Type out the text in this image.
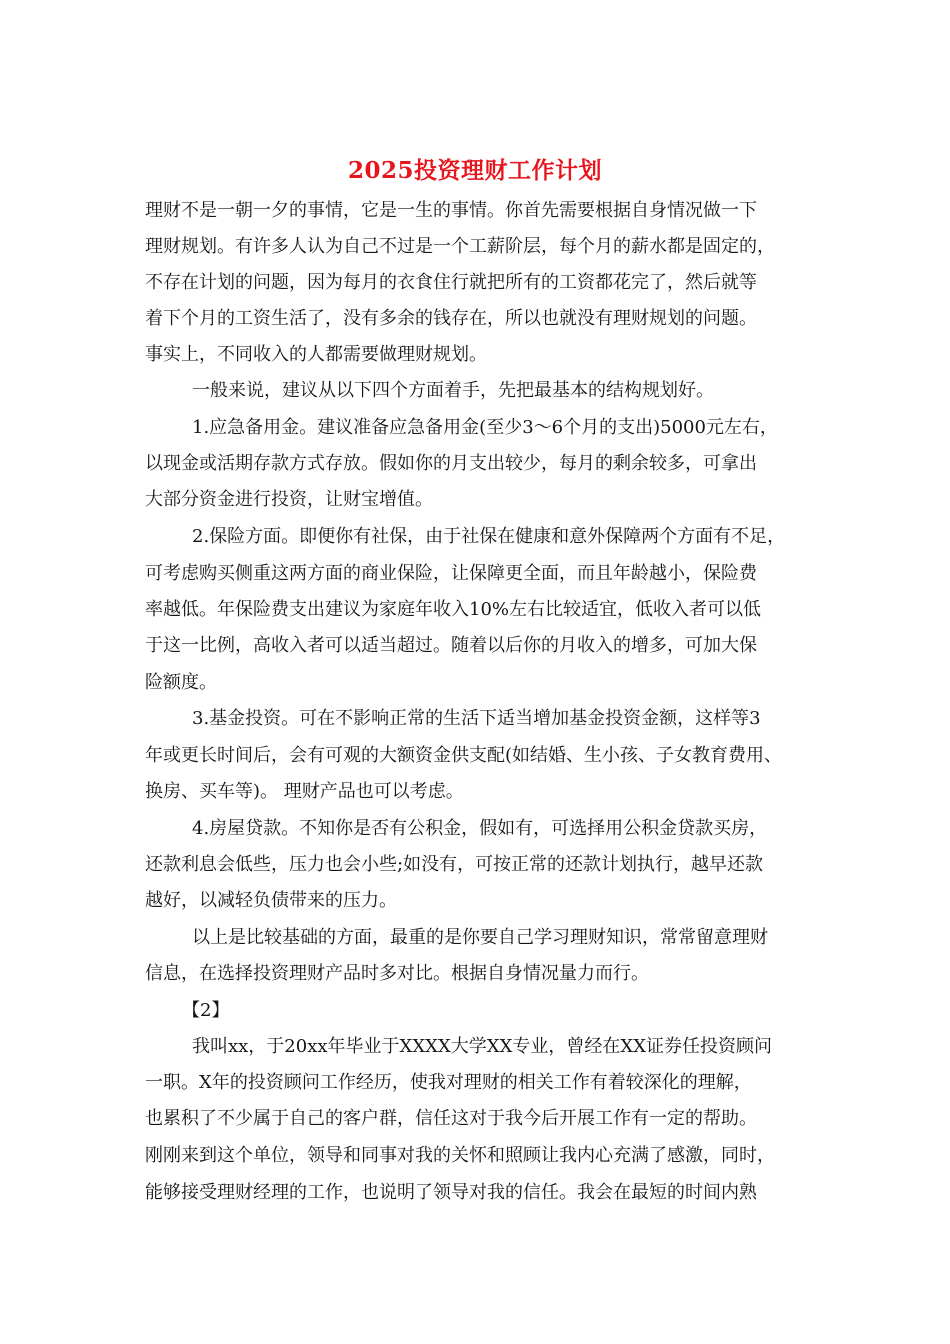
2025投资理财工作计划
理财不是一朝一夕的事情，它是一生的事情。你首先需要根据自身情况做一下
理财规划。有许多人认为自己不过是一个工薪阶层，每个月的薪水都是固定的，
不存在计划的问题，因为每月的衣食住行就把所有的工资都花完了，然后就等
着下个月的工资生活了，没有多余的钱存在，所以也就没有理财规划的问题。
事实上，不同收入的人都需要做理财规划。
一般来说，建议从以下四个方面着手，先把最基本的结构规划好。
1.应急备用金。建议准备应急备用金(至少3～6个月的支出)5000元左右，
以现金或活期存款方式存放。假如你的月支出较少，每月的剩余较多，可拿出
大部分资金进行投资，让财宝增值。
2.保险方面。即便你有社保，由于社保在健康和意外保障两个方面有不足，
可考虑购买侧重这两方面的商业保险，让保障更全面，而且年龄越小，保险费
率越低。年保险费支出建议为家庭年收入10%左右比较适宜，低收入者可以低
于这一比例，高收入者可以适当超过。随着以后你的月收入的增多，可加大保
险额度。
3.基金投资。可在不影响正常的生活下适当增加基金投资金额，这样等3
年或更长时间后，会有可观的大额资金供支配(如结婚、生小孩、子女教育费用、
换房、买车等)。 理财产品也可以考虑。
4.房屋贷款。不知你是否有公积金，假如有，可选择用公积金贷款买房，
还款利息会低些，压力也会小些;如没有，可按正常的还款计划执行，越早还款
越好，以减轻负债带来的压力。
以上是比较基础的方面，最重的是你要自己学习理财知识，常常留意理财
信息，在选择投资理财产品时多对比。根据自身情况量力而行。
【2】
我叫xx，于20xx年毕业于XXXX大学XX专业，曾经在XX证券任投资顾问
一职。X年的投资顾问工作经历，使我对理财的相关工作有着较深化的理解，
也累积了不少属于自己的客户群，信任这对于我今后开展工作有一定的帮助。
刚刚来到这个单位，领导和同事对我的关怀和照顾让我内心充满了感激，同时，
能够接受理财经理的工作，也说明了领导对我的信任。我会在最短的时间内熟
